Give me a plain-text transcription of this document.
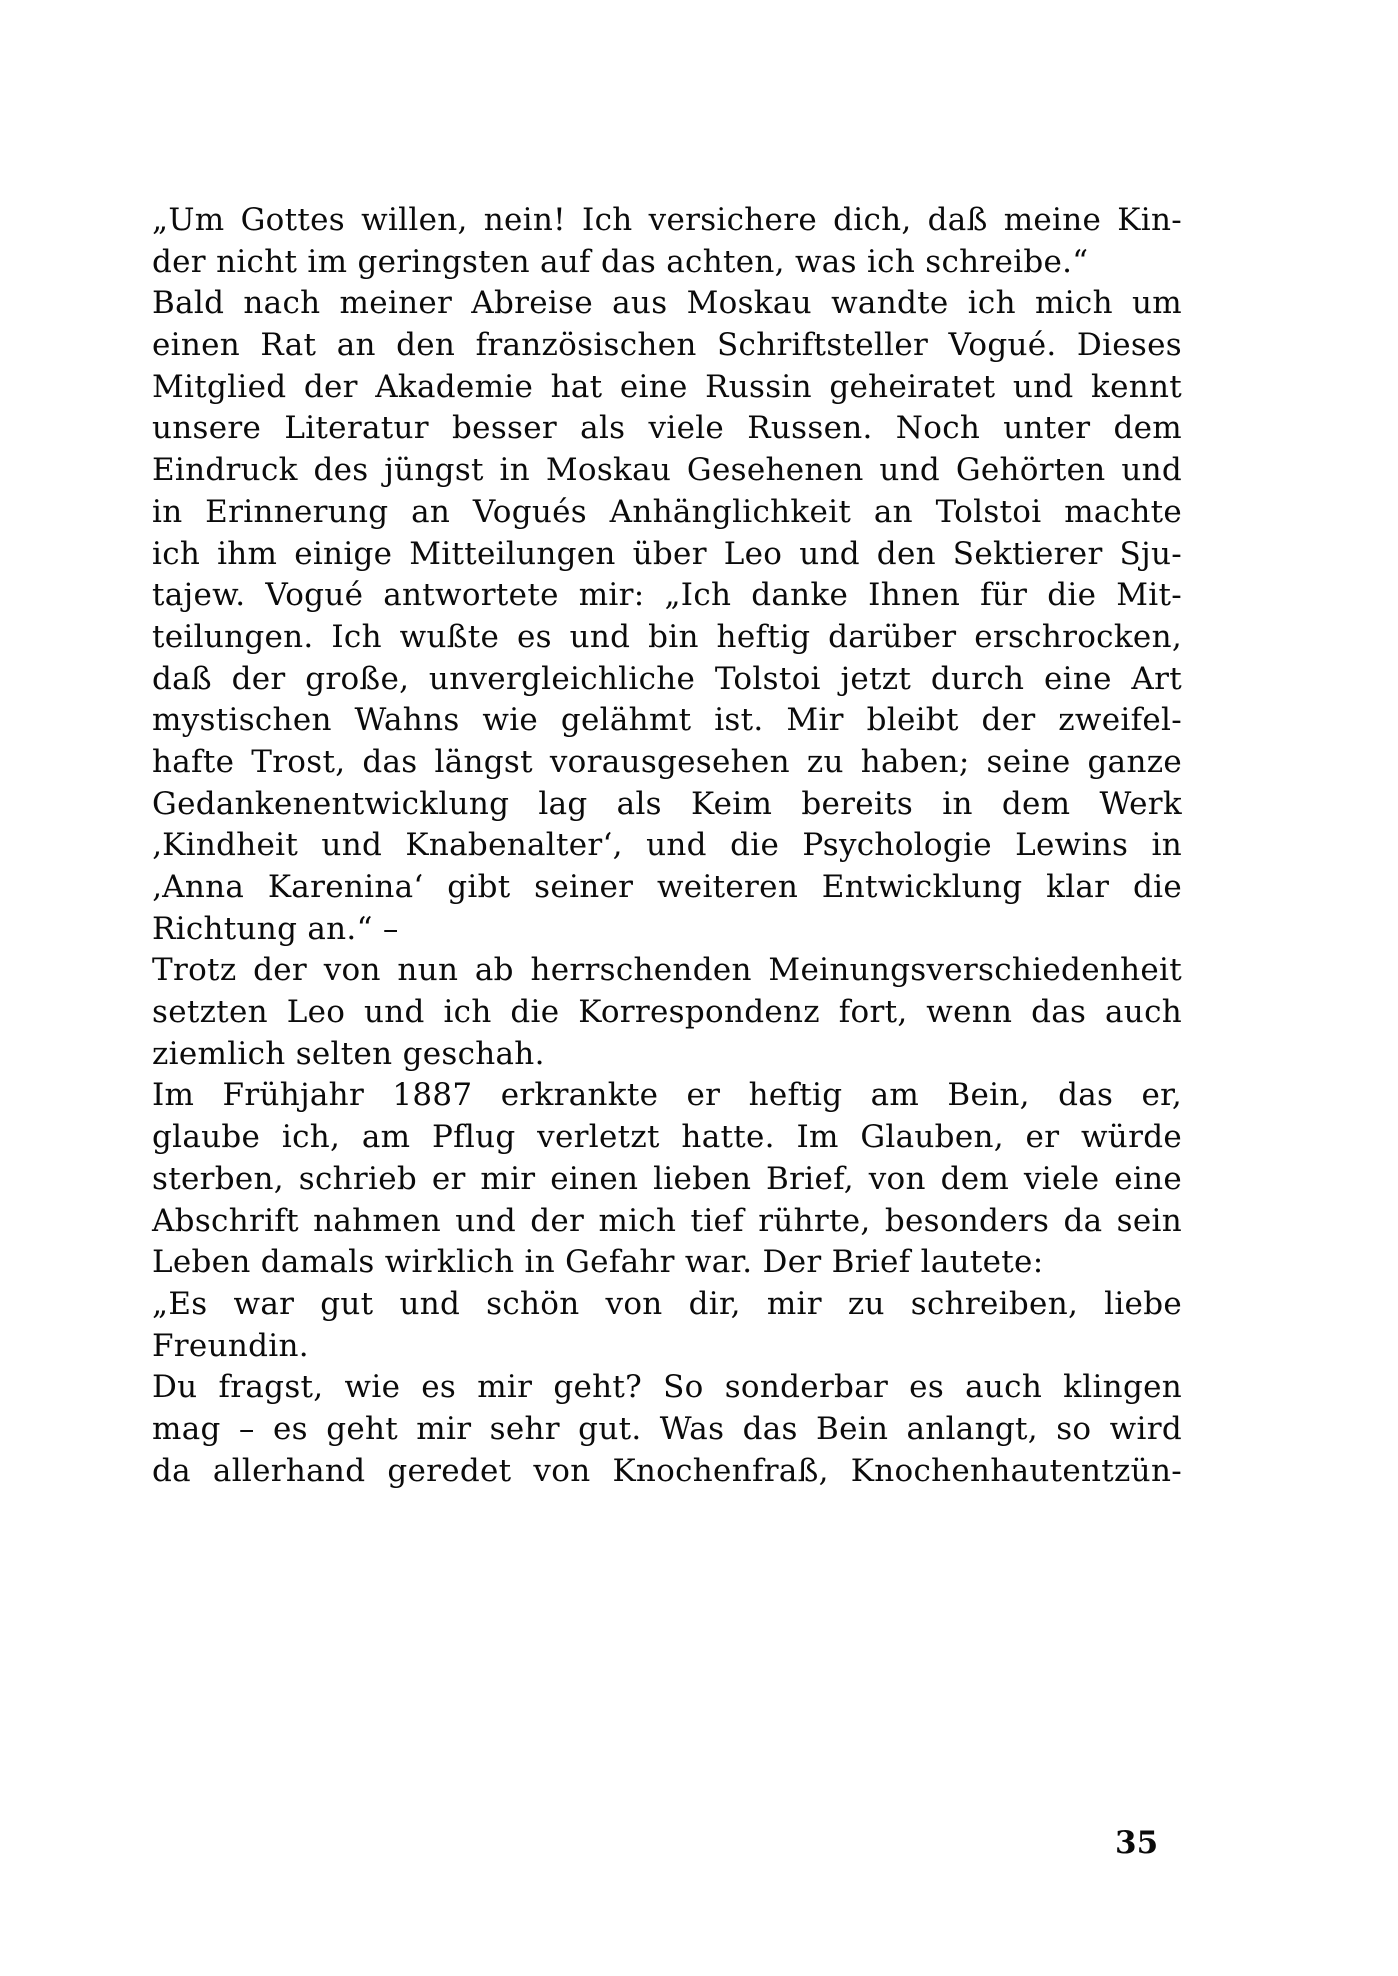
„Um Gottes willen, nein! Ich versichere dich, daß meine Kin-
der nicht im geringsten auf das achten, was ich schreibe.“
Bald nach meiner Abreise aus Moskau wandte ich mich um
einen Rat an den französischen Schriftsteller Vogué. Dieses
Mitglied der Akademie hat eine Russin geheiratet und kennt
unsere Literatur besser als viele Russen. Noch unter dem
Eindruck des jüngst in Moskau Gesehenen und Gehörten und
in Erinnerung an Vogués Anhänglichkeit an Tolstoi machte
ich ihm einige Mitteilungen über Leo und den Sektierer Sju-
tajew. Vogué antwortete mir: „Ich danke Ihnen für die Mit-
teilungen. Ich wußte es und bin heftig darüber erschrocken,
daß der große, unvergleichliche Tolstoi jetzt durch eine Art
mystischen Wahns wie gelähmt ist. Mir bleibt der zweifel-
hafte Trost, das längst vorausgesehen zu haben; seine ganze
Gedankenentwicklung lag als Keim bereits in dem Werk
‚Kindheit und Knabenalter‘, und die Psychologie Lewins in
‚Anna Karenina‘ gibt seiner weiteren Entwicklung klar die
Richtung an.“ –
Trotz der von nun ab herrschenden Meinungsverschiedenheit
setzten Leo und ich die Korrespondenz fort, wenn das auch
ziemlich selten geschah.
Im Frühjahr 1887 erkrankte er heftig am Bein, das er,
glaube ich, am Pflug verletzt hatte. Im Glauben, er würde
sterben, schrieb er mir einen lieben Brief, von dem viele eine
Abschrift nahmen und der mich tief rührte, besonders da sein
Leben damals wirklich in Gefahr war. Der Brief lautete:
„Es war gut und schön von dir, mir zu schreiben, liebe
Freundin.
Du fragst, wie es mir geht? So sonderbar es auch klingen
mag – es geht mir sehr gut. Was das Bein anlangt, so wird
da allerhand geredet von Knochenfraß, Knochenhautentzün-
35
